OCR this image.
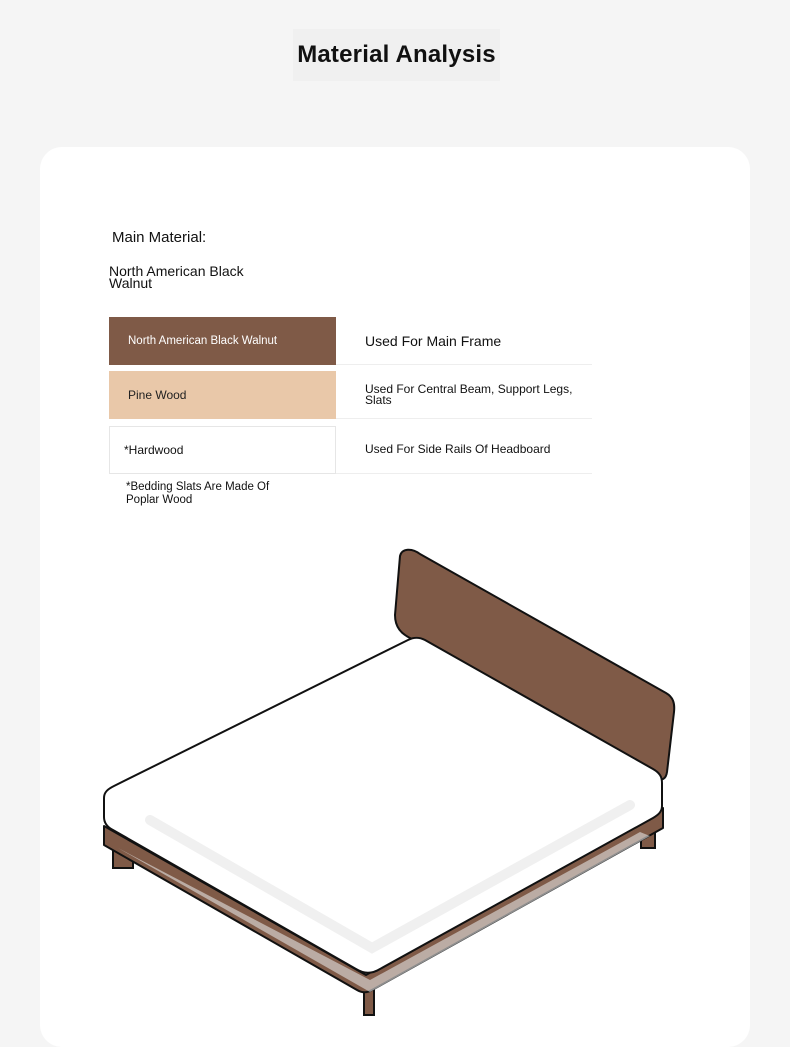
Material Analysis
Main Material:
North American Black Walnut
North American Black Walnut	Used For Main Frame
Pine Wood	Used For Central Beam, Support Legs, Slats
*Hardwood	Used For Side Rails Of Headboard
*Bedding Slats Are Made Of Poplar Wood
